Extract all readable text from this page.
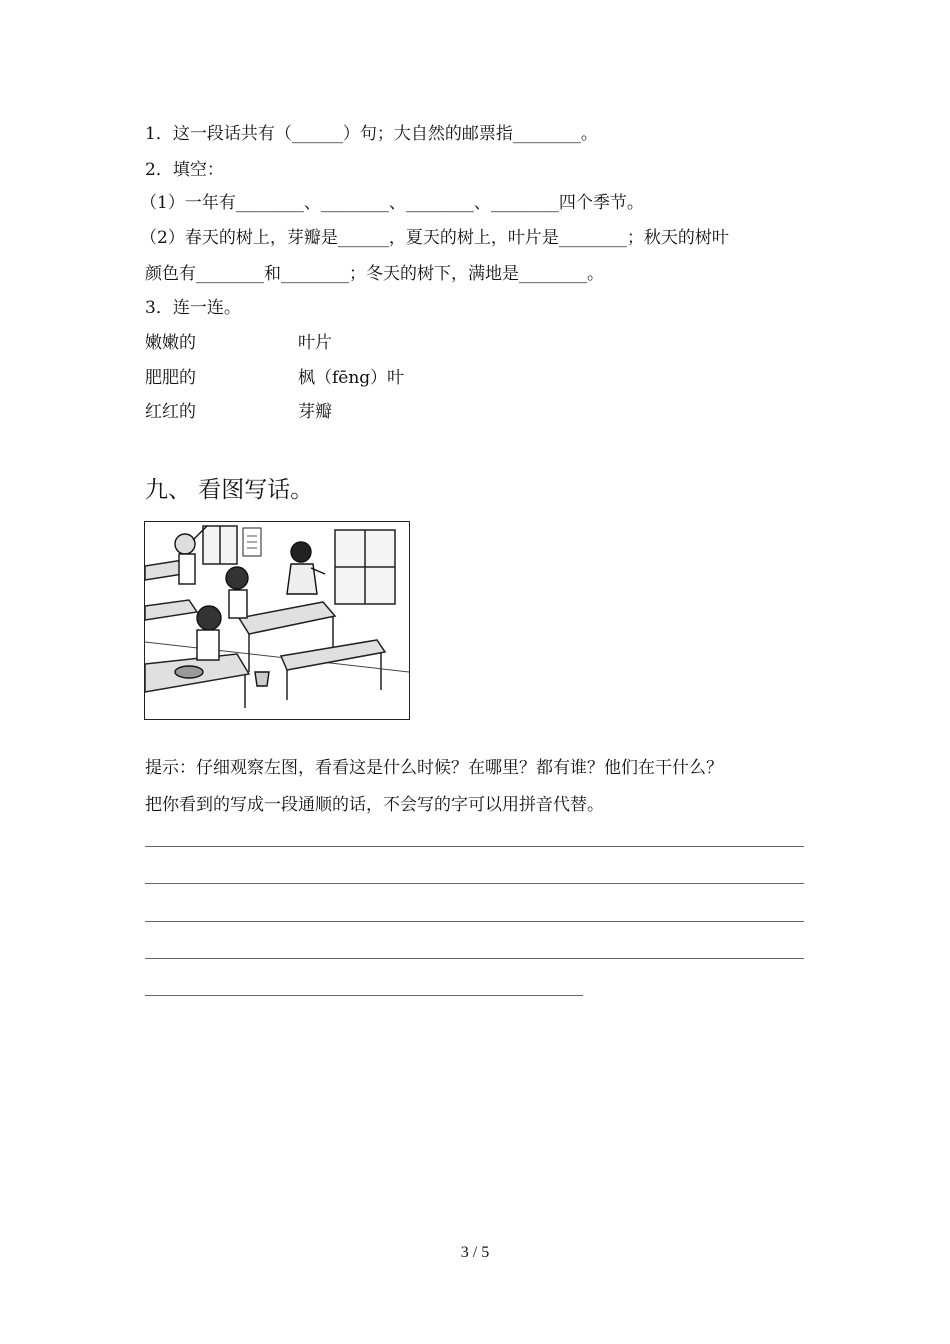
1．这一段话共有（______）句；大自然的邮票指________。
2．填空：
（1）一年有________、________、________、________四个季节。
（2）春天的树上，芽瓣是______，夏天的树上，叶片是________；秋天的树叶
颜色有________和________；冬天的树下，满地是________。
3．连一连。
嫩嫩的	叶片
肥肥的	枫（fēng）叶
红红的	芽瓣
九、 看图写话。
提示：仔细观察左图，看看这是什么时候？在哪里？都有谁？他们在干什么？
把你看到的写成一段通顺的话，不会写的字可以用拼音代替。
3 / 5
